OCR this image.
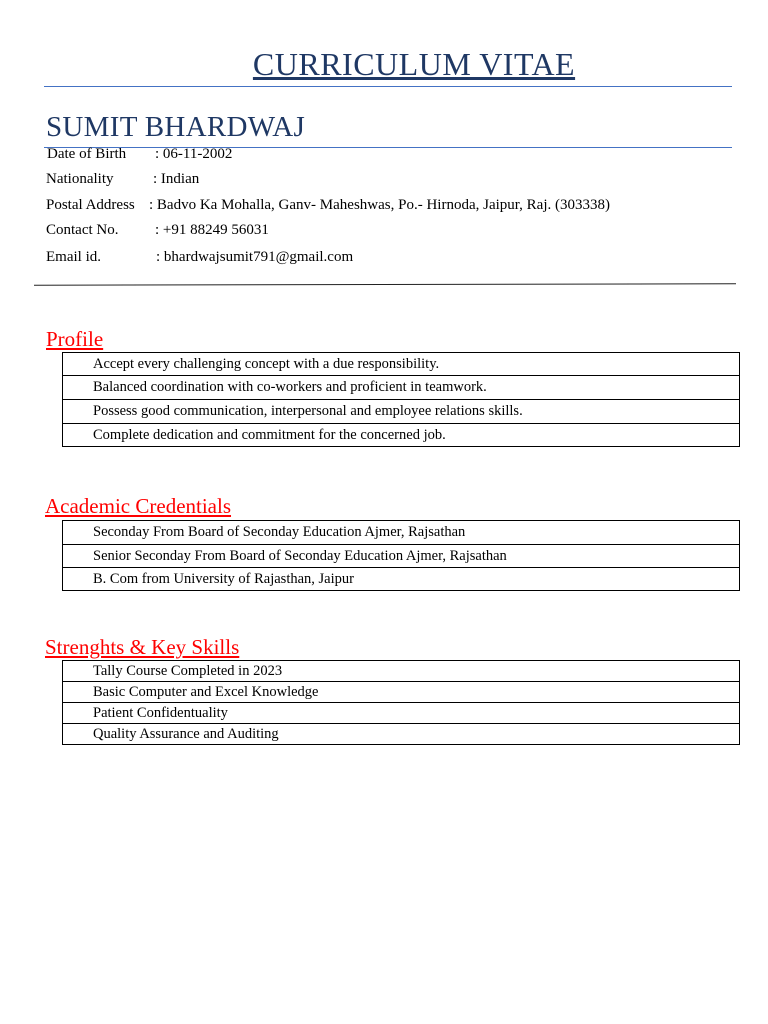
CURRICULUM VITAE
SUMIT BHARDWAJ
Date of Birth : 06-11-2002
Nationality	: Indian
Postal Address : Badvo Ka Mohalla, Ganv- Maheshwas, Po.- Hirnoda, Jaipur, Raj. (303338)
Contact No. : +91 88249 56031
Email id.	: bhardwajsumit791@gmail.com
Profile
Accept every challenging concept with a due responsibility.
Balanced coordination with co-workers and proficient in teamwork.
Possess good communication, interpersonal and employee relations skills.
Complete dedication and commitment for the concerned job.
Academic Credentials
Seconday From Board of Seconday Education Ajmer, Rajsathan
Senior Seconday From Board of Seconday Education Ajmer, Rajsathan
B. Com from University of Rajasthan, Jaipur
Strenghts & Key Skills
Tally Course Completed in 2023
Basic Computer and Excel Knowledge
Patient Confidentuality
Quality Assurance and Auditing
